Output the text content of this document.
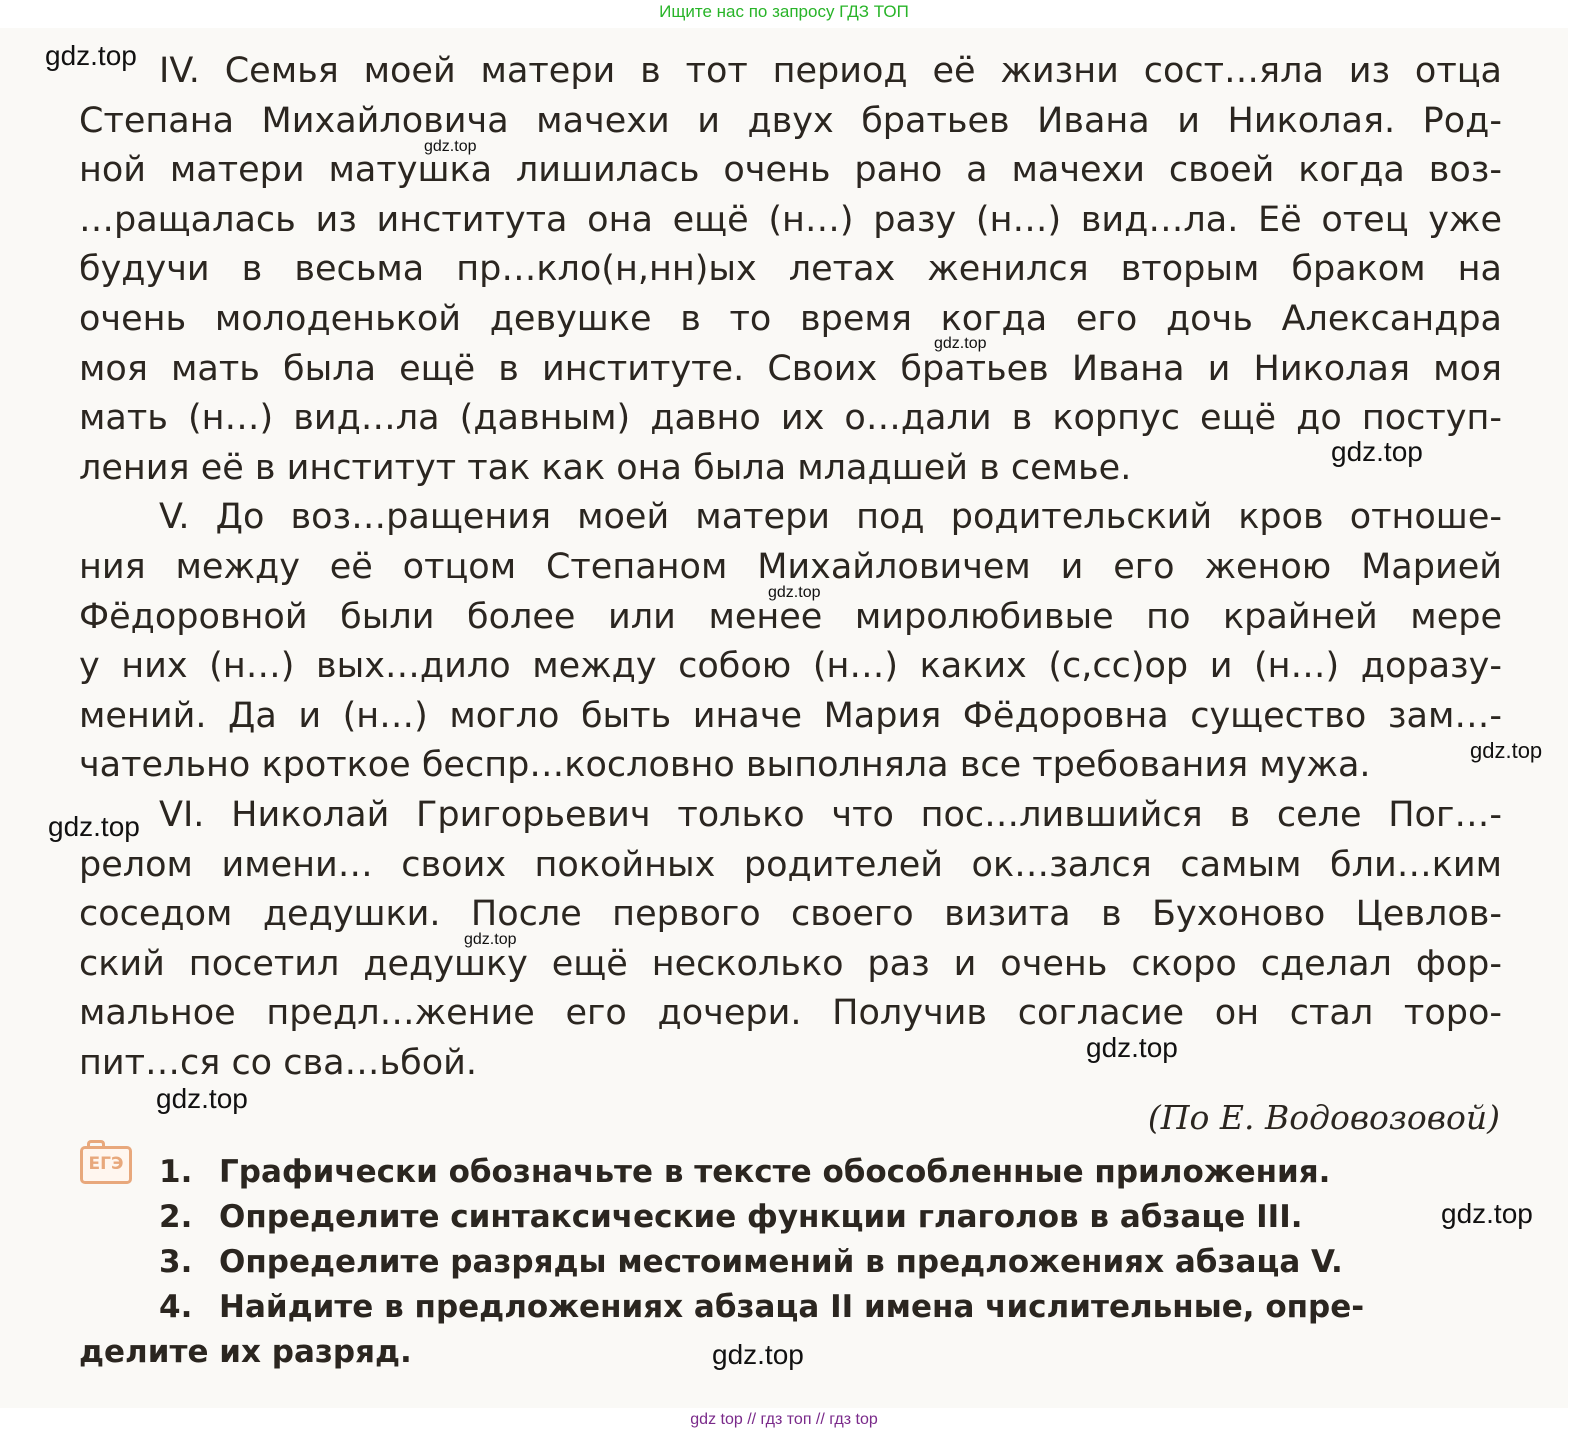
Ищите нас по запросу ГДЗ ТОП

IV. Семья моей матери в тот период её жизни сост…яла из отца
Степана Михайловича мачехи и двух братьев Ивана и Николая. Род-
ной матери матушка лишилась очень рано а мачехи своей когда воз-
…ращалась из института она ещё (н…) разу (н…) вид…ла. Её отец уже
будучи в весьма пр…кло(н,нн)ых летах женился вторым браком на
очень молоденькой девушке в то время когда его дочь Александра
моя мать была ещё в институте. Своих братьев Ивана и Николая моя
мать (н…) вид…ла (давным) давно их о…дали в корпус ещё до поступ-
ления её в институт так как она была младшей в семье.

V. До воз…ращения моей матери под родительский кров отноше-
ния между её отцом Степаном Михайловичем и его женою Марией
Фёдоровной были более или менее миролюбивые по крайней мере
у них (н…) вых…дило между собою (н…) каких (с,сс)ор и (н…) доразу-
мений. Да и (н…) могло быть иначе Мария Фёдоровна существо зам…-
чательно кроткое беспр…кословно выполняла все требования мужа.

VI. Николай Григорьевич только что пос…лившийся в селе Пог…-
релом имени… своих покойных родителей ок…зался самым бли…ким
соседом дедушки. После первого своего визита в Бухоново Цевлов-
ский посетил дедушку ещё несколько раз и очень скоро сделал фор-
мальное предл…жение его дочери. Получив согласие он стал торо-
пит…ся со сва…ьбой.

(По Е. Водовозовой)
ЕГЭ	1. Графически обозначьте в тексте обособленные приложения.
2. Определите синтаксические функции глаголов в абзаце III.
3. Определите разряды местоимений в предложениях абзаца V.
4. Найдите в предложениях абзаца II имена числительные, опре-
делите их разряд.
gdz.top
gdz.top
gdz.top
gdz.top
gdz.top
gdz.top
gdz.top
gdz.top
gdz.top
gdz.top
gdz.top
gdz.top
gdz top // гдз топ // гдз top
